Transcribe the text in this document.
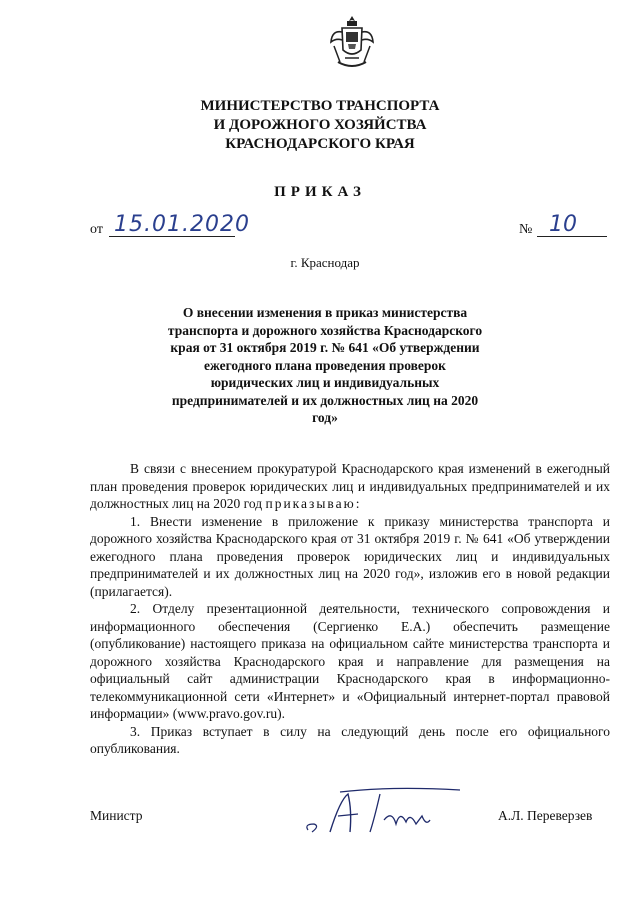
МИНИСТЕРСТВО ТРАНСПОРТА
И ДОРОЖНОГО ХОЗЯЙСТВА
КРАСНОДАРСКОГО КРАЯ
ПРИКАЗ
от 15.01.2020	№ 10
г. Краснодар
О внесении изменения в приказ министерства
транспорта и дорожного хозяйства Краснодарского
края от 31 октября 2019 г. № 641 «Об утверждении
ежегодного плана проведения проверок
юридических лиц и индивидуальных
предпринимателей и их должностных лиц на 2020
год»

В связи с внесением прокуратурой Краснодарского края изменений в ежегодный план проведения проверок юридических лиц и индивидуальных предпринимателей и их должностных лиц на 2020 год приказываю:

1. Внести изменение в приложение к приказу министерства транспорта и дорожного хозяйства Краснодарского края от 31 октября 2019 г. № 641 «Об утверждении ежегодного плана проведения проверок юридических лиц и индивидуальных предпринимателей и их должностных лиц на 2020 год», изложив его в новой редакции (прилагается).

2. Отделу презентационной деятельности, технического сопровождения и информационного обеспечения (Сергиенко Е.А.) обеспечить размещение (опубликование) настоящего приказа на официальном сайте министерства транспорта и дорожного хозяйства Краснодарского края и направление для размещения на официальный сайт администрации Краснодарского края в информационно-телекоммуникационной сети «Интернет» и «Официальный интернет-портал правовой информации» (www.pravo.gov.ru).

3. Приказ вступает в силу на следующий день после его официального опубликования.

Министр	А.Л. Переверзев
